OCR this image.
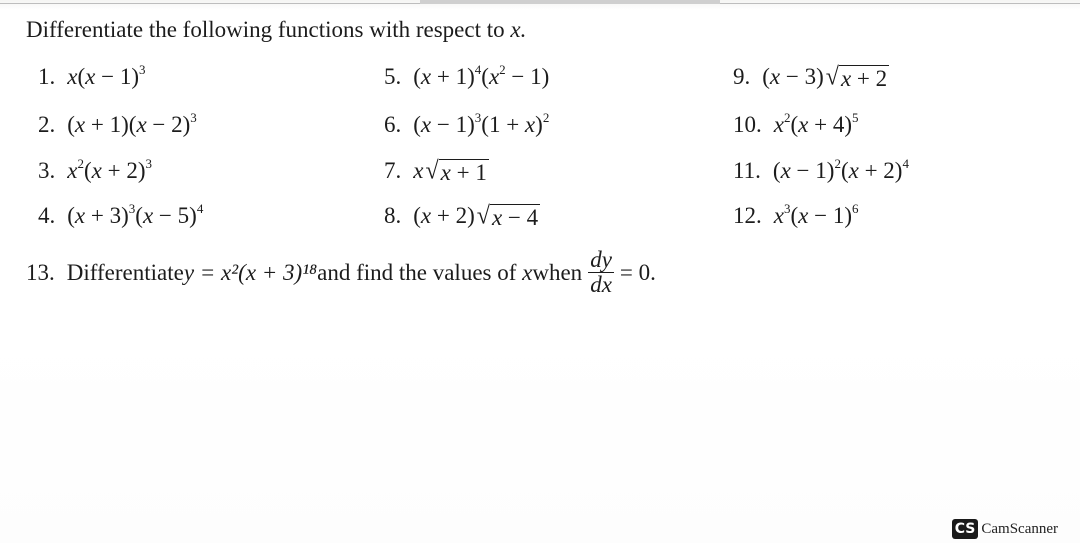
Differentiate the following functions with respect to x.
1. $x(x - 1)^3$
2. $(x + 1)(x - 2)^3$
3. $x^2(x + 2)^3$
4. $(x + 3)^3(x - 5)^4$
5. $(x + 1)^4(x^2 - 1)$
6. $(x - 1)^3(1 + x)^2$
7. x √ x + 1
8. (x + 2) √ x − 4
9. (x − 3) √ x + 2
10. $x^2(x + 4)^5$
11. $(x - 1)^2(x + 2)^4$
12. $x^3(x - 1)^6$
13. Differentiate y = x²(x + 3)¹⁸ and find the values of
x when $\frac{dy}{dx} = 0$.
CS CamScanner
